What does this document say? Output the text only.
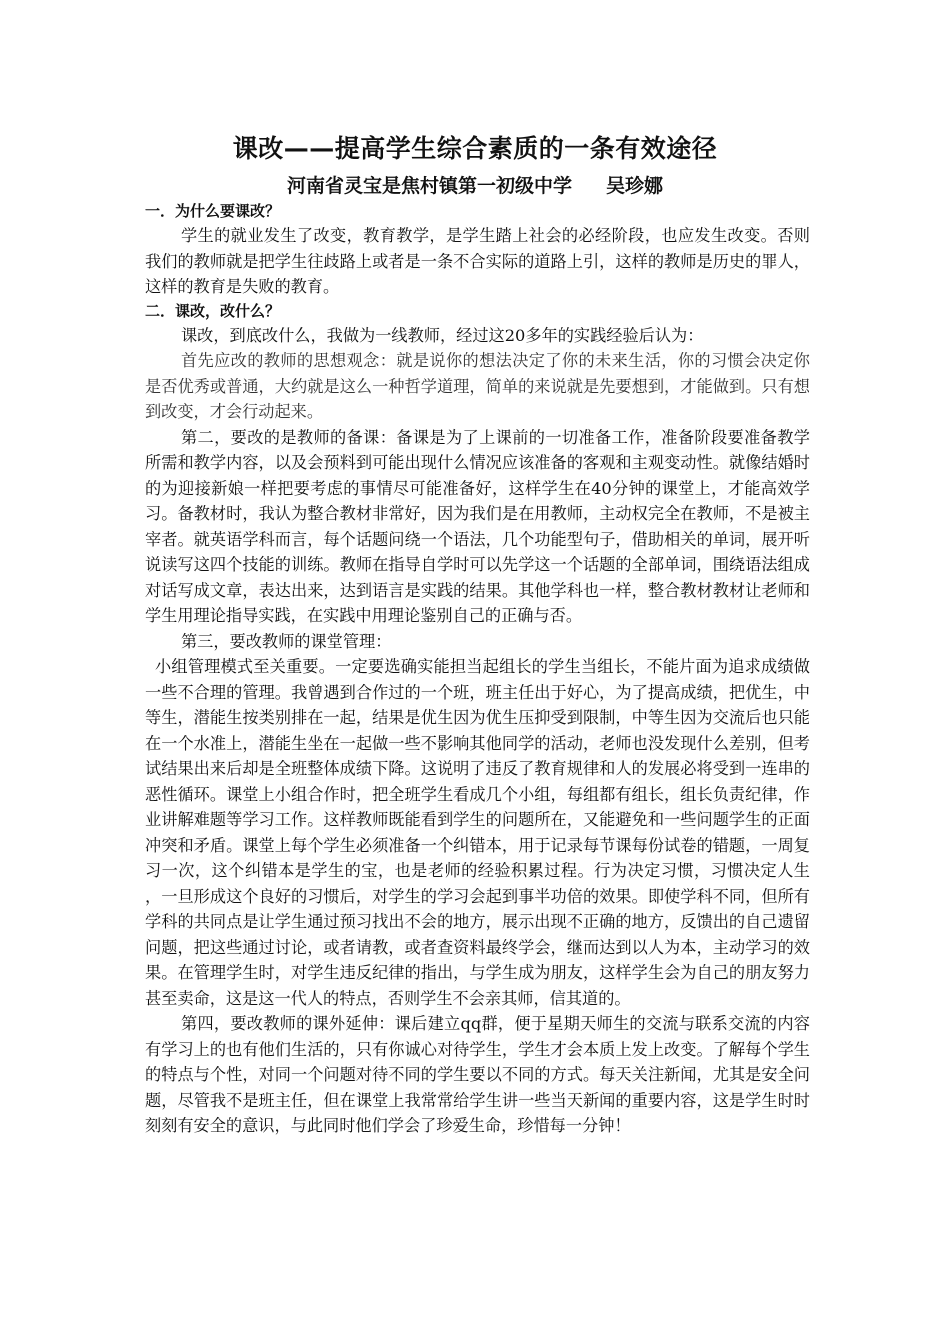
课改——提高学生综合素质的一条有效途径
河南省灵宝是焦村镇第一初级中学 吴珍娜

一．为什么要课改？

学生的就业发生了改变，教育教学，是学生踏上社会的必经阶段，也应发生改变。否则我们的教师就是把学生往歧路上或者是一条不合实际的道路上引，这样的教师是历史的罪人，这样的教育是失败的教育。

二．课改，改什么？

课改，到底改什么，我做为一线教师，经过这20多年的实践经验后认为：

首先应改的教师的思想观念：就是说你的想法决定了你的未来生活，你的习惯会决定你是否优秀或普通，大约就是这么一种哲学道理，简单的来说就是先要想到，才能做到。只有想到改变，才会行动起来。

第二，要改的是教师的备课：备课是为了上课前的一切准备工作，准备阶段要准备教学所需和教学内容，以及会预料到可能出现什么情况应该准备的客观和主观变动性。就像结婚时的为迎接新娘一样把要考虑的事情尽可能准备好，这样学生在40分钟的课堂上，才能高效学习。备教材时，我认为整合教材非常好，因为我们是在用教师，主动权完全在教师，不是被主宰者。就英语学科而言，每个话题问绕一个语法，几个功能型句子，借助相关的单词，展开听说读写这四个技能的训练。教师在指导自学时可以先学这一个话题的全部单词，围绕语法组成对话写成文章，表达出来，达到语言是实践的结果。其他学科也一样，整合教材教材让老师和学生用理论指导实践，在实践中用理论鉴别自己的正确与否。

第三，要改教师的课堂管理：

小组管理模式至关重要。一定要选确实能担当起组长的学生当组长，不能片面为追求成绩做一些不合理的管理。我曾遇到合作过的一个班，班主任出于好心，为了提高成绩，把优生，中等生，潜能生按类别排在一起，结果是优生因为优生压抑受到限制，中等生因为交流后也只能在一个水准上，潜能生坐在一起做一些不影响其他同学的活动，老师也没发现什么差别，但考试结果出来后却是全班整体成绩下降。这说明了违反了教育规律和人的发展必将受到一连串的恶性循环。课堂上小组合作时，把全班学生看成几个小组，每组都有组长，组长负责纪律，作业讲解难题等学习工作。这样教师既能看到学生的问题所在，又能避免和一些问题学生的正面冲突和矛盾。课堂上每个学生必须准备一个纠错本，用于记录每节课每份试卷的错题，一周复习一次，这个纠错本是学生的宝，也是老师的经验积累过程。行为决定习惯，习惯决定人生 ，一旦形成这个良好的习惯后，对学生的学习会起到事半功倍的效果。即使学科不同，但所有学科的共同点是让学生通过预习找出不会的地方，展示出现不正确的地方，反馈出的自己遗留问题，把这些通过讨论，或者请教，或者查资料最终学会，继而达到以人为本，主动学习的效果。在管理学生时，对学生违反纪律的指出，与学生成为朋友，这样学生会为自己的朋友努力甚至卖命，这是这一代人的特点，否则学生不会亲其师，信其道的。

第四，要改教师的课外延伸：课后建立qq群，便于星期天师生的交流与联系交流的内容有学习上的也有他们生活的，只有你诚心对待学生，学生才会本质上发上改变。了解每个学生的特点与个性，对同一个问题对待不同的学生要以不同的方式。每天关注新闻，尤其是安全问题，尽管我不是班主任，但在课堂上我常常给学生讲一些当天新闻的重要内容，这是学生时时刻刻有安全的意识，与此同时他们学会了珍爱生命，珍惜每一分钟！
